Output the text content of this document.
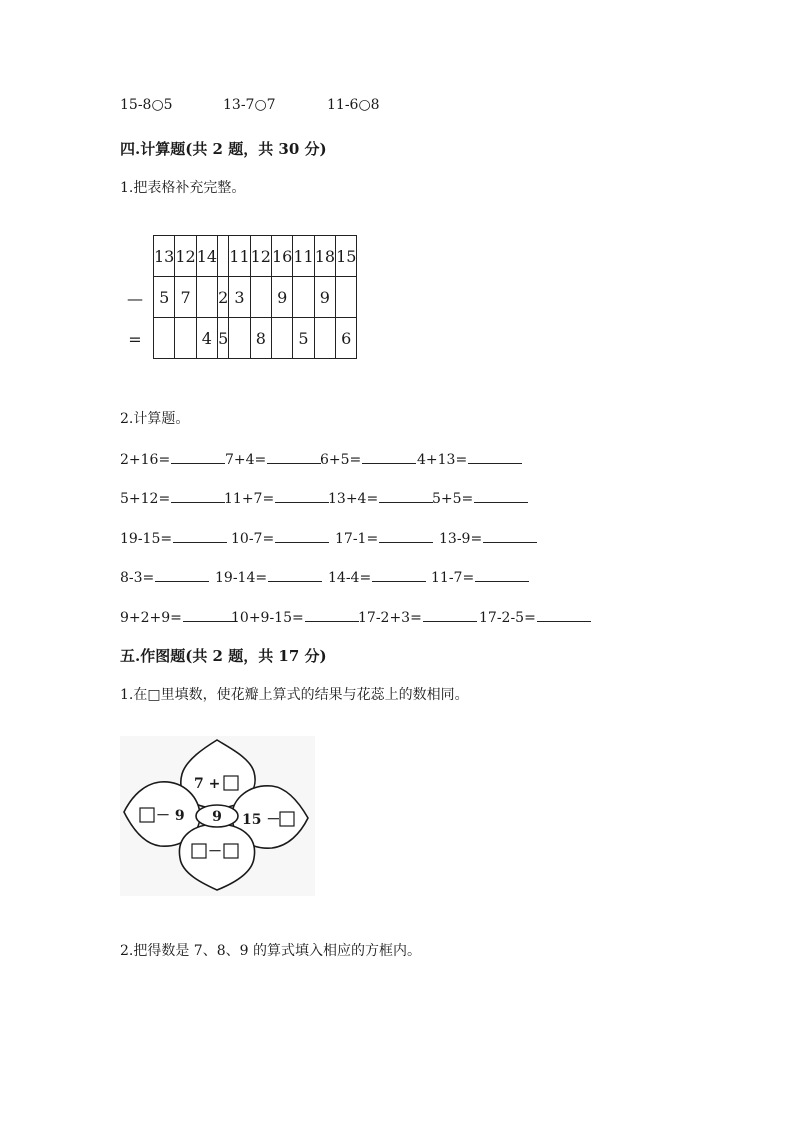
15-8○5	13-7○7	11-6○8
四.计算题(共 2 题，共 30 分)
1.把表格补充完整。
—
=
13	12	14		11	12	16	11	18	15
5	7		2	3		9		9	
		4	5		8		5		6
2.计算题。
2+16=	7+4=	6+5=	4+13=
5+12=	11+7=	13+4=	5+5=
19-15=	10-7=	17-1=	13-9=
8-3=	19-14=	14-4=	11-7=
9+2+9=	10+9-15=	17-2+3=	17-2-5=
五.作图题(共 2 题，共 17 分)
1.在□里填数，使花瓣上算式的结果与花蕊上的数相同。
9
7 +
－ 9	15 －
－
2.把得数是 7、8、9 的算式填入相应的方框内。
